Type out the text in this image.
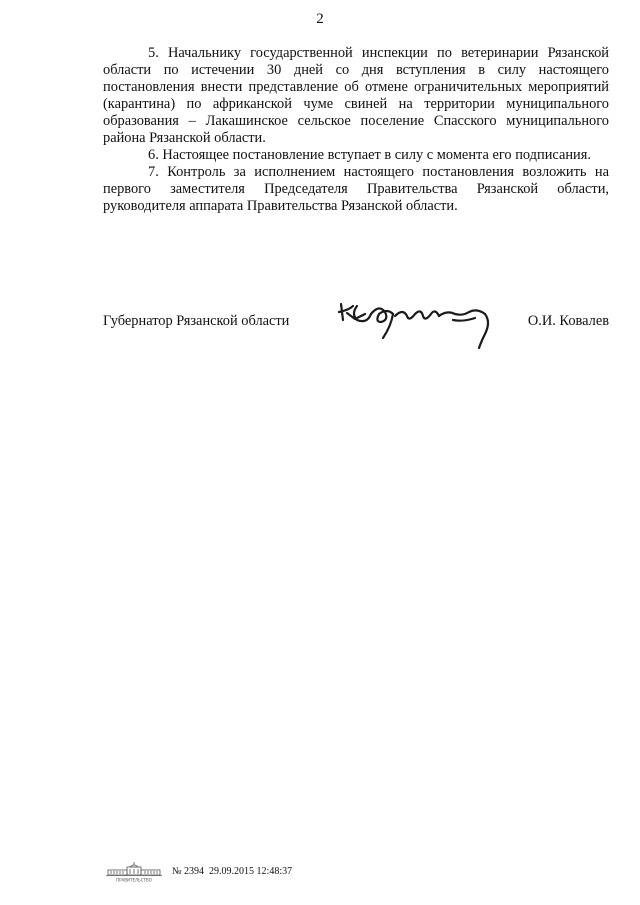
2

5. Начальнику государственной инспекции по ветеринарии Рязанской области по истечении 30 дней со дня вступления в силу настоящего постановления внести представление об отмене ограничительных мероприятий (карантина) по африканской чуме свиней на территории муниципального образования – Лакашинское сельское поселение Спасского муниципального района Рязанской области.

6. Настоящее постановление вступает в силу с момента его подписания.

7. Контроль за исполнением настоящего постановления возложить на первого заместителя Председателя Правительства Рязанской области, руководителя аппарата Правительства Рязанской области.

Губернатор Рязанской области	О.И. Ковалев
ПРАВИТЕЛЬСТВО
№ 2394 29.09.2015 12:48:37
